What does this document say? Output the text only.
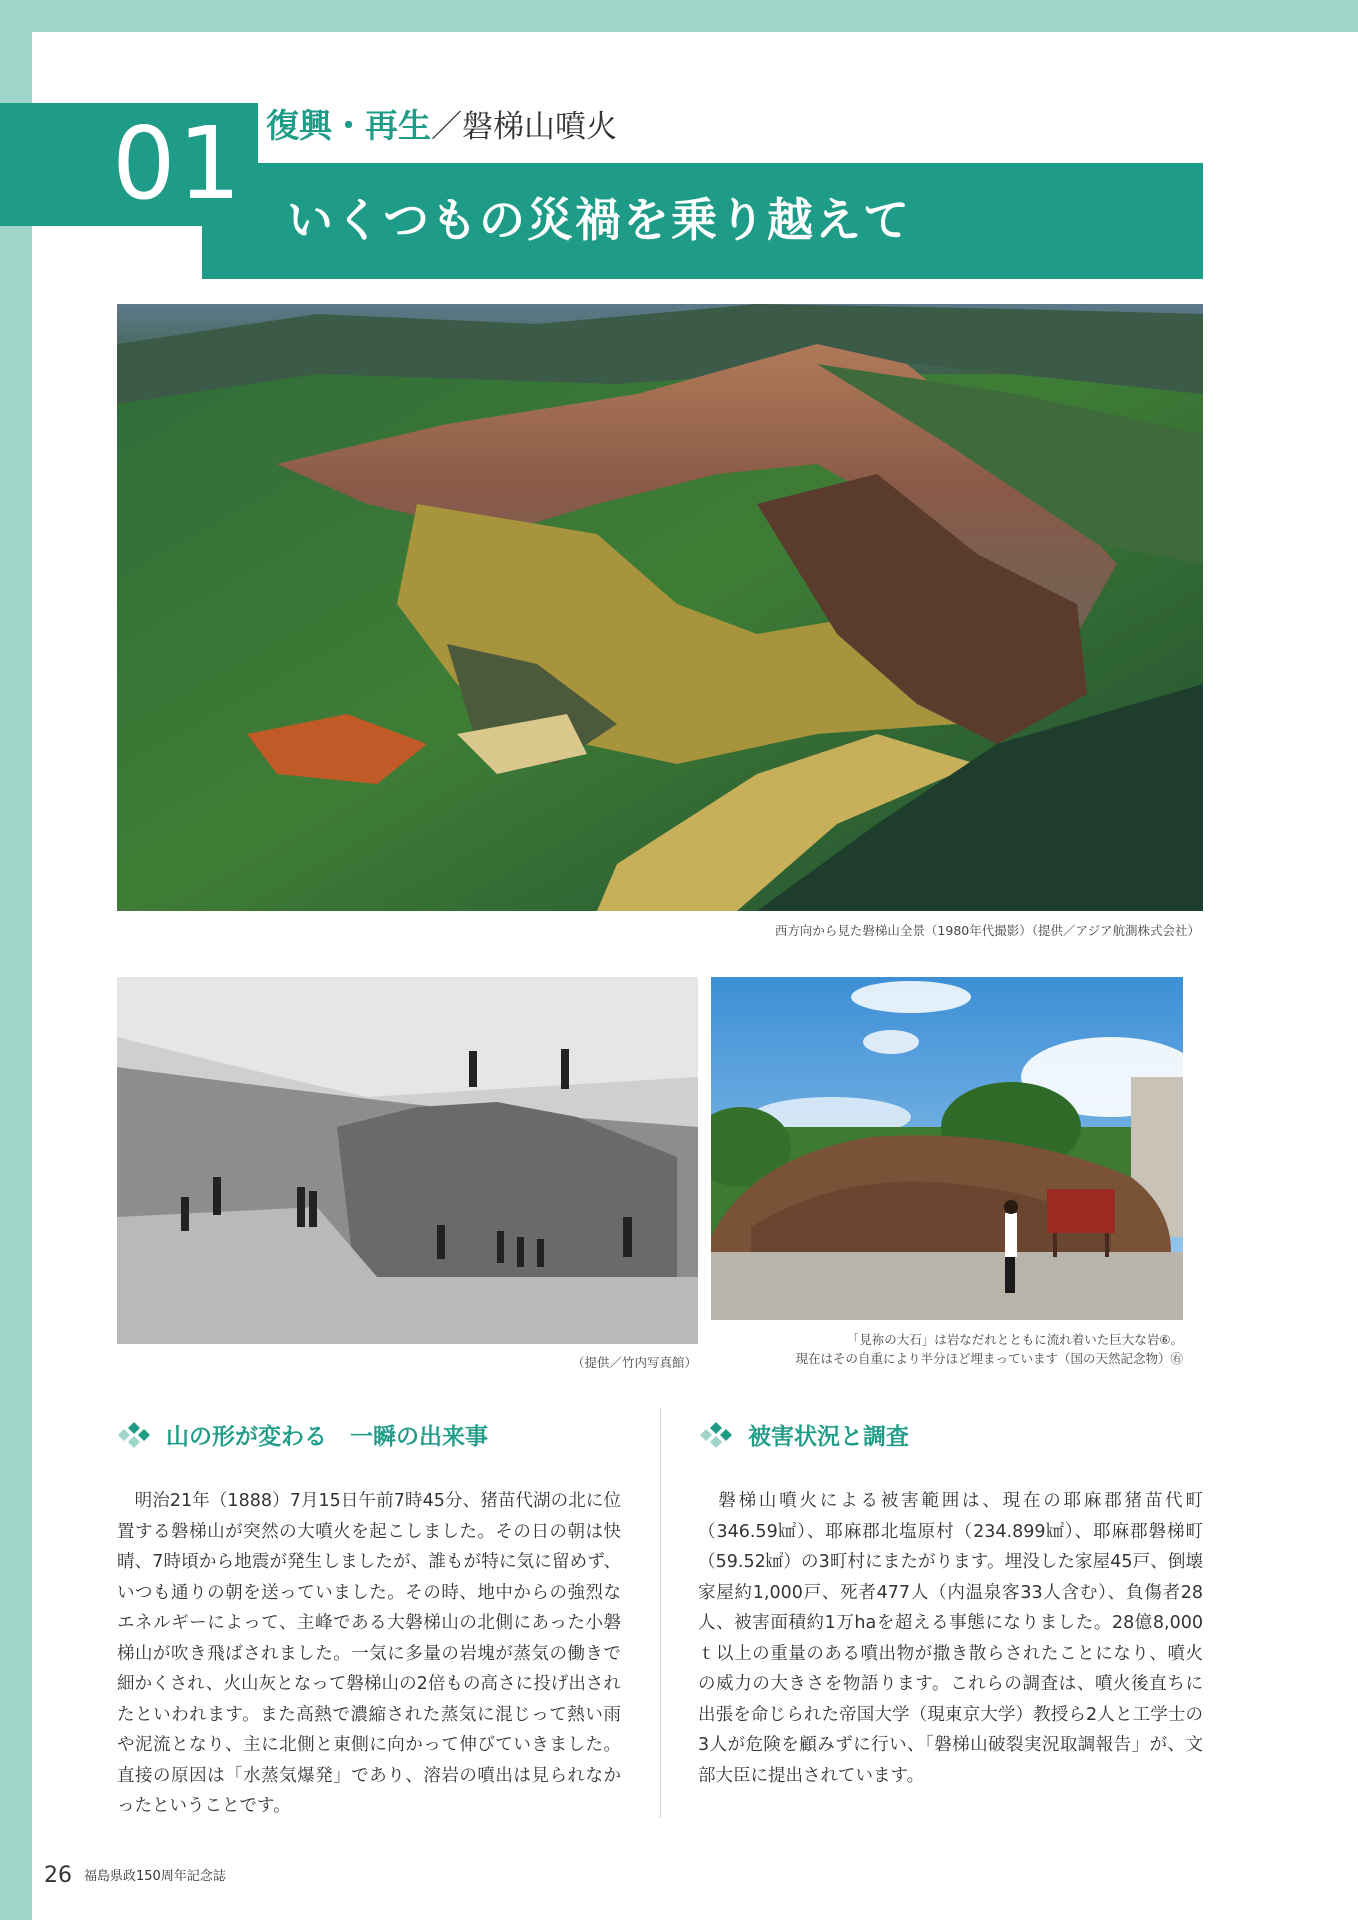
01 復興・再生／磐梯山噴火
いくつもの災禍を乗り越えて
西方向から見た磐梯山全景（1980年代撮影）（提供／アジア航測株式会社）
（提供／竹内写真館）
「見祢の大石」は岩なだれとともに流れ着いた巨大な岩⑥。
現在はその自重により半分ほど埋まっています（国の天然記念物）㊨
山の形が変わる　一瞬の出来事	被害状況と調査
　明治21年（1888）7月15日午前7時45分、猪苗代湖の北に位置する磐梯山が突然の大噴火を起こしました。その日の朝は快晴、7時頃から地震が発生しましたが、誰もが特に気に留めず、いつも通りの朝を送っていました。その時、地中からの強烈なエネルギーによって、主峰である大磐梯山の北側にあった小磐梯山が吹き飛ばされました。一気に多量の岩塊が蒸気の働きで細かくされ、火山灰となって磐梯山の2倍もの高さに投げ出されたといわれます。また高熱で濃縮された蒸気に混じって熱い雨や泥流となり、主に北側と東側に向かって伸びていきました。直接の原因は「水蒸気爆発」であり、溶岩の噴出は見られなかったということです。
　磐梯山噴火による被害範囲は、現在の耶麻郡猪苗代町（346.59㎢）、耶麻郡北塩原村（234.899㎢）、耶麻郡磐梯町（59.52㎢）の3町村にまたがります。埋没した家屋45戸、倒壊家屋約1,000戸、死者477人（内温泉客33人含む）、負傷者28人、被害面積約1万haを超える事態になりました。28億8,000ｔ以上の重量のある噴出物が撒き散らされたことになり、噴火の威力の大きさを物語ります。これらの調査は、噴火後直ちに出張を命じられた帝国大学（現東京大学）教授ら2人と工学士の3人が危険を顧みずに行い、「磐梯山破裂実況取調報告」が、文部大臣に提出されています。
26 福島県政150周年記念誌
